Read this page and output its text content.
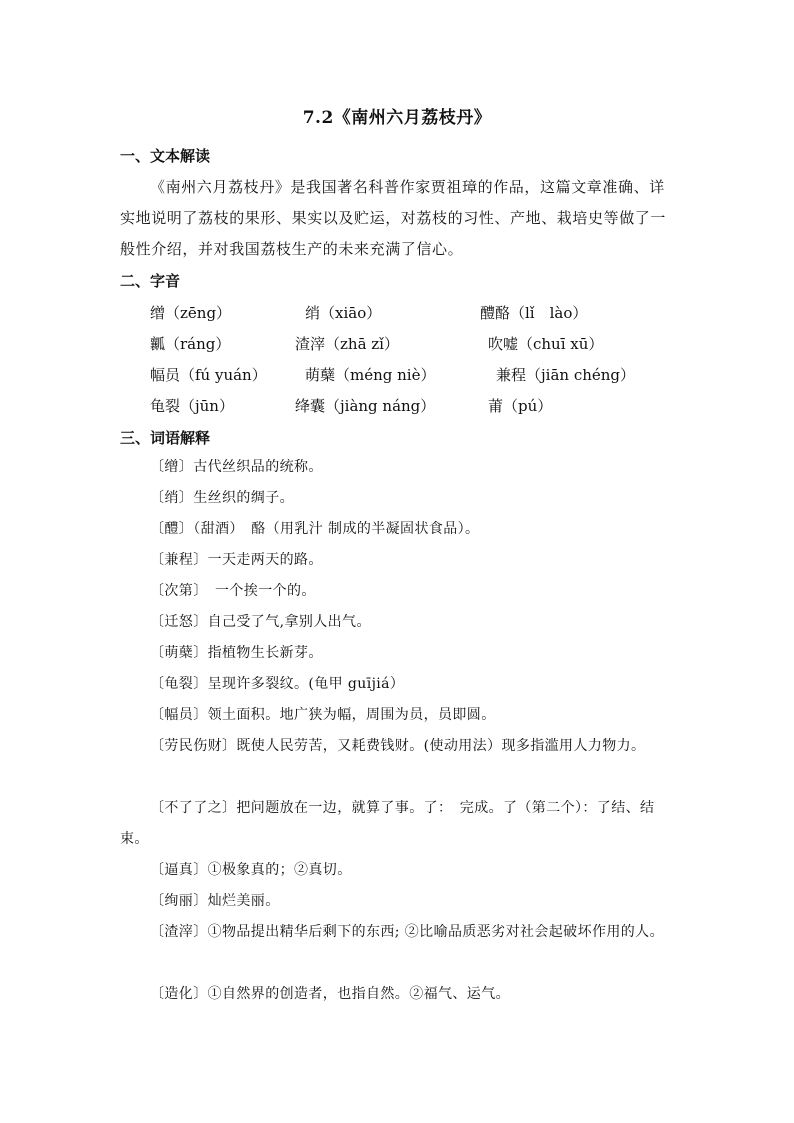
7.2《南州六月荔枝丹》
一、文本解读

《南州六月荔枝丹》是我国著名科普作家贾祖璋的作品，这篇文章准确、详实地说明了荔枝的果形、果实以及贮运，对荔枝的习性、产地、栽培史等做了一般性介绍，并对我国荔枝生产的未来充满了信心。

二、字音
缯（zēng）	绡（xiāo）	醴酪（lǐ　lào）
瓤（ráng）	渣滓（zhā zǐ）	吹嘘（chuī xū）
幅员（fú yuán）	萌蘖（méng niè）	兼程（jiān chéng）
龟裂（jūn）	绛囊（jiàng náng）	莆（pú）
三、词语解释

〔缯〕古代丝织品的统称。

〔绡〕生丝织的绸子。

〔醴〕（甜酒）　酪（用乳汁 制成的半凝固状食品）。

〔兼程〕一天走两天的路。

〔次第〕　一个挨一个的。

〔迁怒〕自己受了气,拿别人出气。

〔萌蘖〕指植物生长新芽。

〔龟裂〕呈现许多裂纹。(龟甲 guījiá）

〔幅员〕领土面积。地广狭为幅，周围为员，员即圆。

〔劳民伤财〕既使人民劳苦，又耗费钱财。(使动用法）现多指滥用人力物力。

〔不了了之〕把问题放在一边，就算了事。了：　完成。了（第二个）：了结、结束。

〔逼真〕①极象真的；②真切。

〔绚丽〕灿烂美丽。

〔渣滓〕①物品提出精华后剩下的东西; ②比喻品质恶劣对社会起破坏作用的人。

〔造化〕①自然界的创造者，也指自然。②福气、运气。
